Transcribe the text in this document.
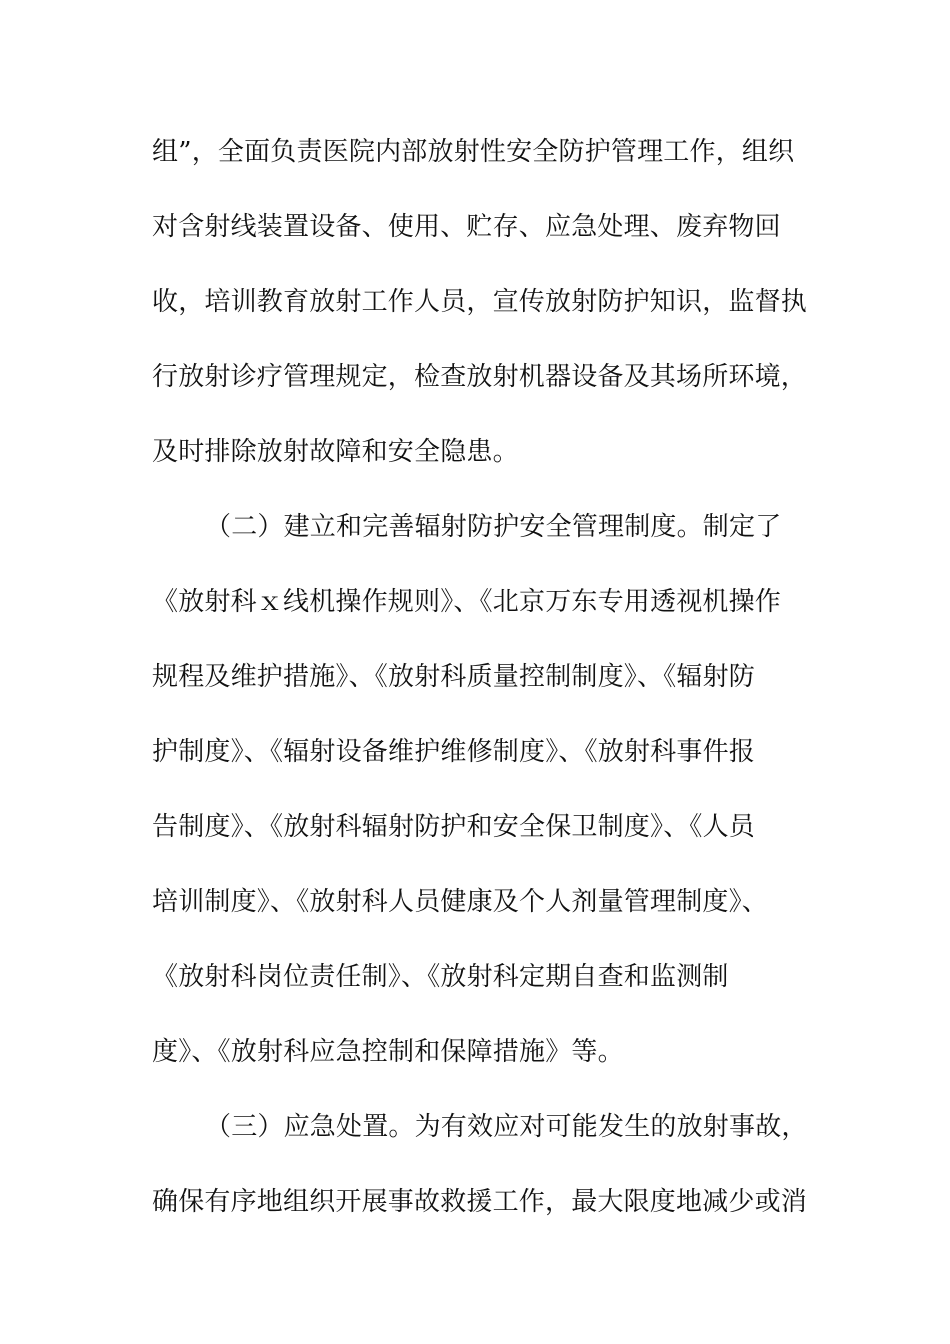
组”，全面负责医院内部放射性安全防护管理工作，组织
对含射线装置设备、使用、贮存、应急处理、废弃物回
收，培训教育放射工作人员，宣传放射防护知识，监督执
行放射诊疗管理规定，检查放射机器设备及其场所环境，
及时排除放射故障和安全隐患。
（二）建立和完善辐射防护安全管理制度。制定了
《放射科ｘ线机操作规则》、《北京万东专用透视机操作
规程及维护措施》、《放射科质量控制制度》、《辐射防
护制度》、《辐射设备维护维修制度》、《放射科事件报
告制度》、《放射科辐射防护和安全保卫制度》、《人员
培训制度》、《放射科人员健康及个人剂量管理制度》、
《放射科岗位责任制》、《放射科定期自查和监测制
度》、《放射科应急控制和保障措施》等。
（三）应急处置。为有效应对可能发生的放射事故，
确保有序地组织开展事故救援工作，最大限度地减少或消
